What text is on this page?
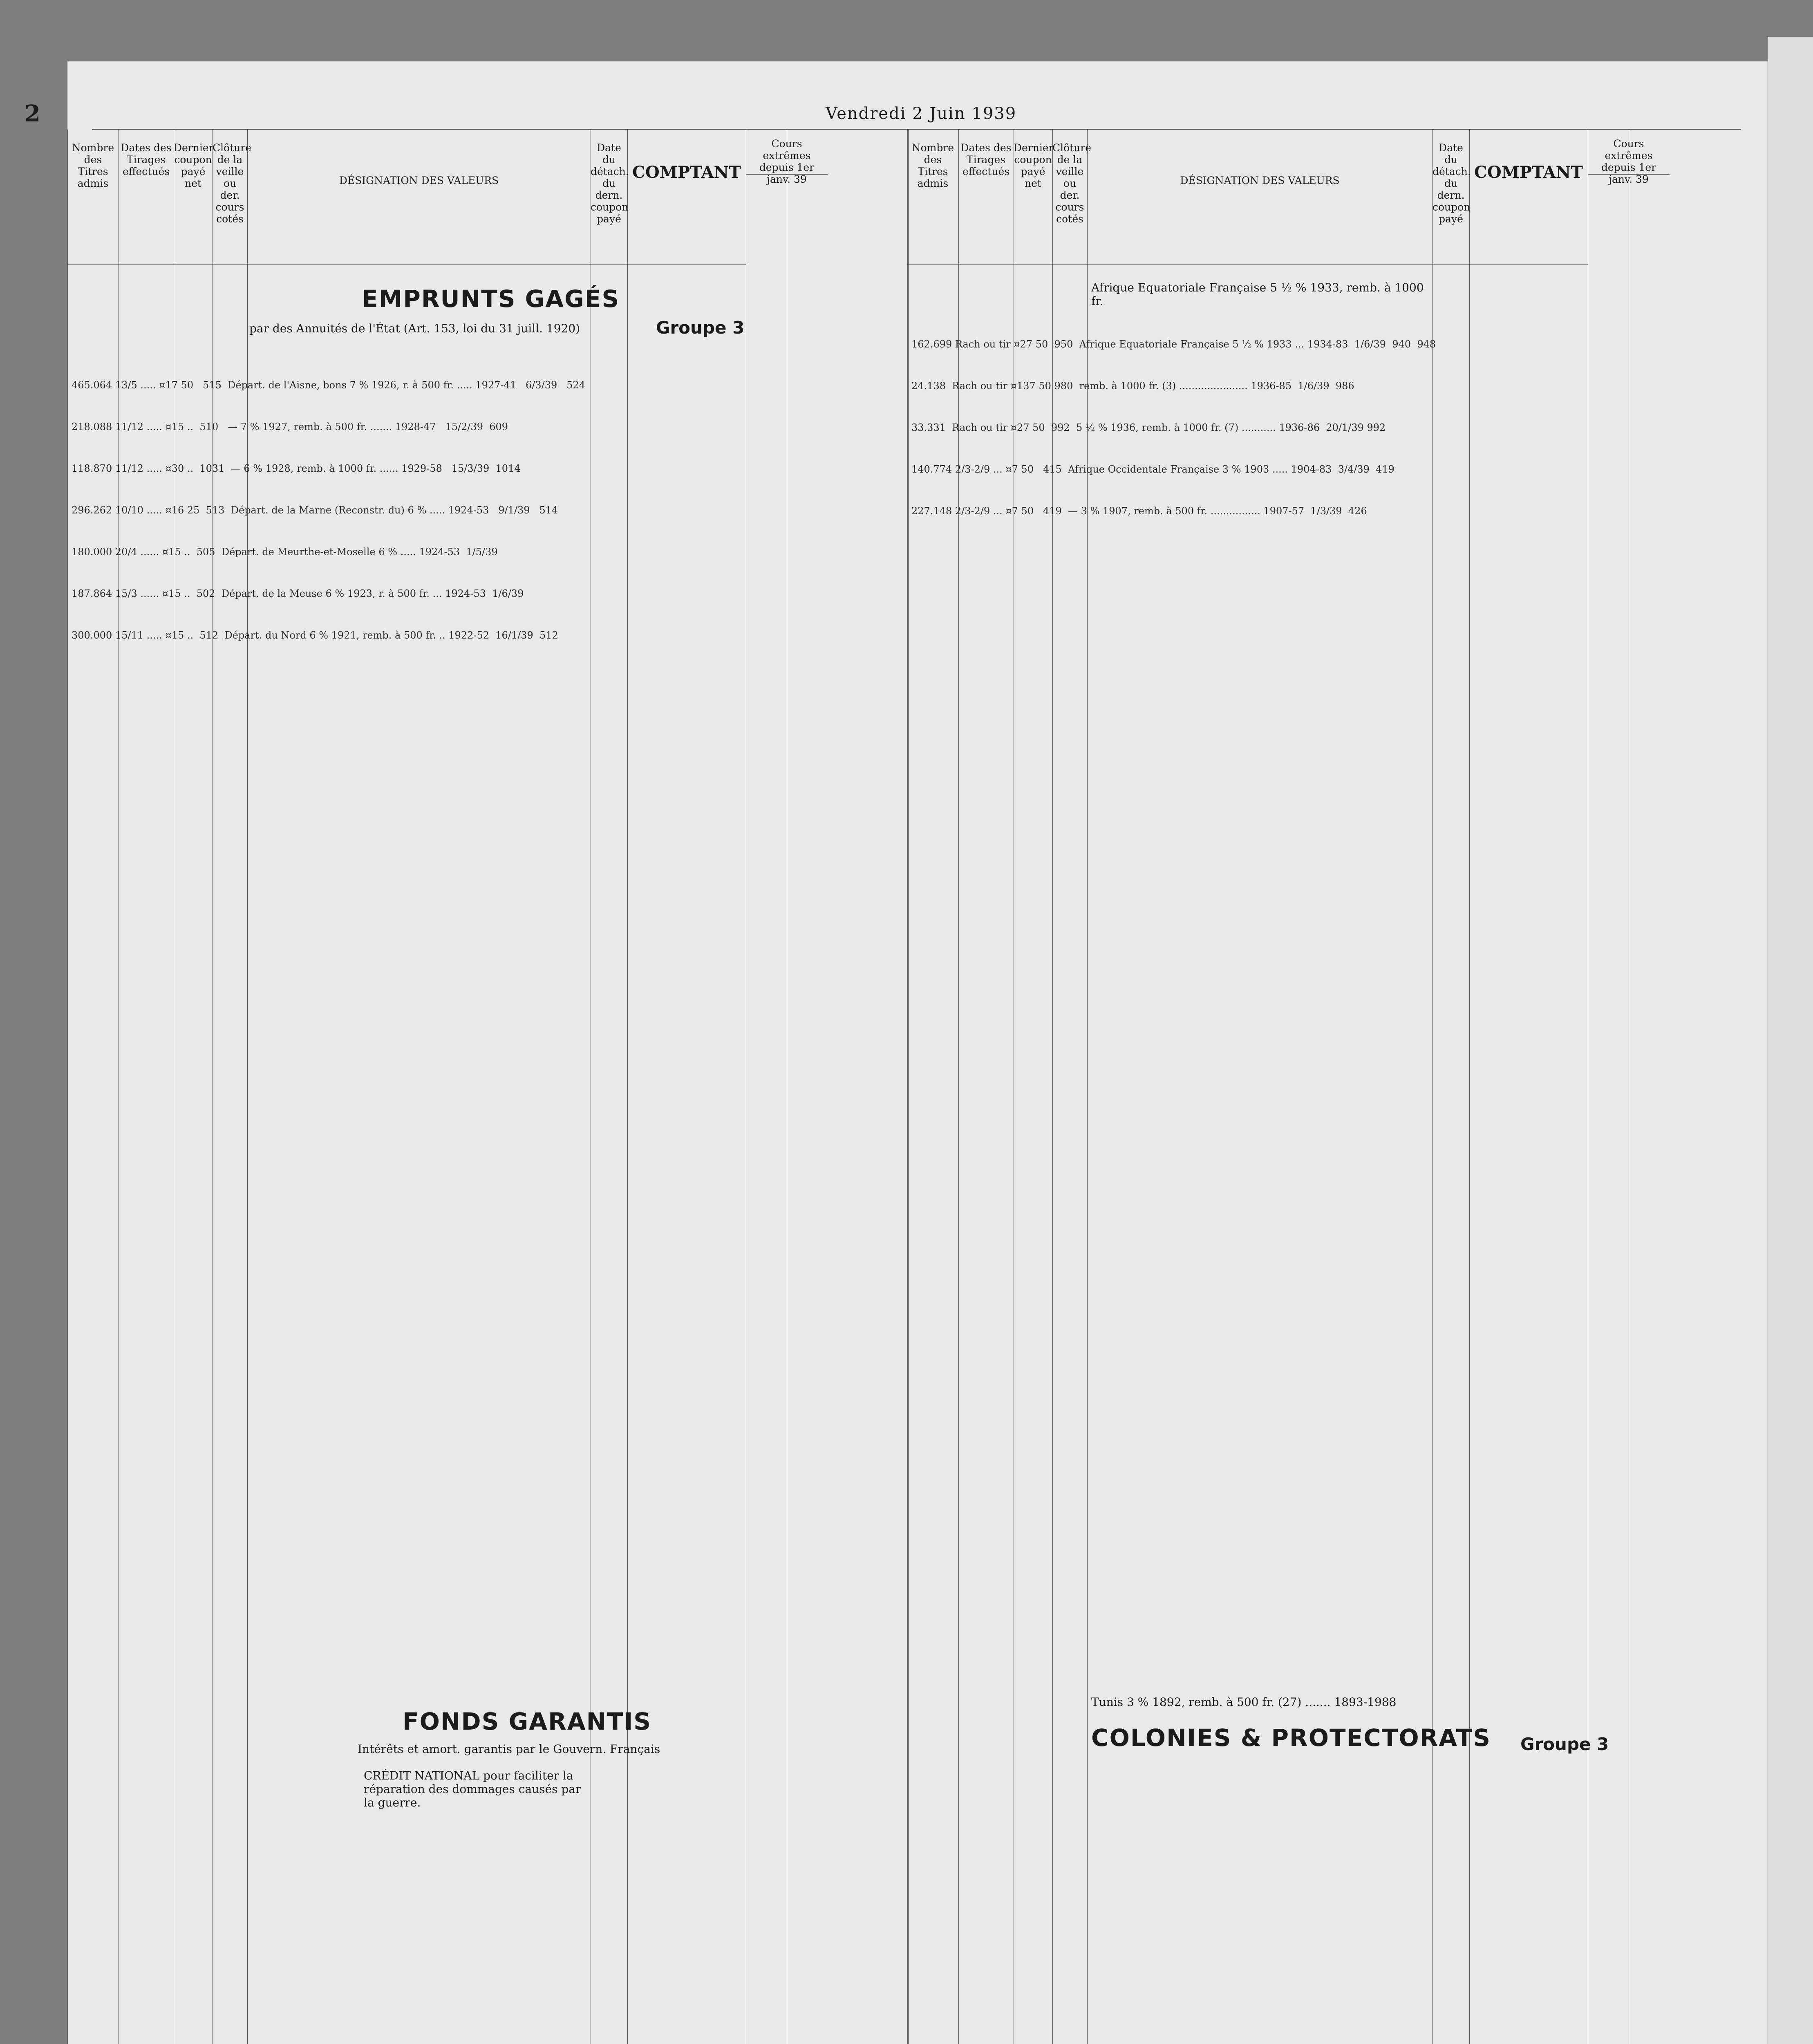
2	Vendredi 2 Juin 1939
Nombre des Titres admis
Dates des Tirages effectués
Dernier coupon payé net
Clôture de la veille ou der. cours cotés
DÉSIGNATION DES VALEURS
Date du détach. du dern. coupon payé
COMPTANT
Cours extrêmes depuis 1er janv. 39
EMPRUNTS GAGÉS
par des Annuités de l'État (Art. 153, loi du 31 juill. 1920)	Groupe 3

465.064 13/5 ..... ¤17 50   515  Départ. de l'Aisne, bons 7 % 1926, r. à 500 fr. ..... 1927-41   6/3/39   524

218.088 11/12 ..... ¤15 ..  510   — 7 % 1927, remb. à 500 fr. ....... 1928-47   15/2/39  609

118.870 11/12 ..... ¤30 ..  1031  — 6 % 1928, remb. à 1000 fr. ...... 1929-58   15/3/39  1014

296.262 10/10 ..... ¤16 25  513  Départ. de la Marne (Reconstr. du) 6 % ..... 1924-53   9/1/39   514

180.000 20/4 ...... ¤15 ..  505  Départ. de Meurthe-et-Moselle 6 % ..... 1924-53  1/5/39

187.864 15/3 ...... ¤15 ..  502  Départ. de la Meuse 6 % 1923, r. à 500 fr. ... 1924-53  1/6/39

300.000 15/11 ..... ¤15 ..  512  Départ. du Nord 6 % 1921, remb. à 500 fr. .. 1922-52  16/1/39  512

FONDS GARANTIS
Intérêts et amort. garantis par le Gouvern. Français
CRÉDIT NATIONAL pour faciliter la réparation des dommages causés par la guerre.
Nombre des Titres admis
Dates des Tirages effectués
Dernier coupon payé net
Clôture de la veille ou der. cours cotés
DÉSIGNATION DES VALEURS
Date du détach. du dern. coupon payé
COMPTANT
Cours extrêmes depuis 1er janv. 39
Afrique Equatoriale Française 5 ½ % 1933, remb. à 1000 fr.

162.699 Rach ou tir ¤27 50  950  Afrique Equatoriale Française 5 ½ % 1933 ... 1934-83  1/6/39  940  948

24.138  Rach ou tir ¤137 50 980  remb. à 1000 fr. (3) ...................... 1936-85  1/6/39  986

33.331  Rach ou tir ¤27 50  992  5 ½ % 1936, remb. à 1000 fr. (7) ........... 1936-86  20/1/39 992

140.774 2/3-2/9 ... ¤7 50   415  Afrique Occidentale Française 3 % 1903 ..... 1904-83  3/4/39  419

227.148 2/3-2/9 ... ¤7 50   419  — 3 % 1907, remb. à 500 fr. ................ 1907-57  1/3/39  426

Tunis 3 % 1892, remb. à 500 fr. (27) ....... 1893-1988
COLONIES & PROTECTORATS Groupe 3
